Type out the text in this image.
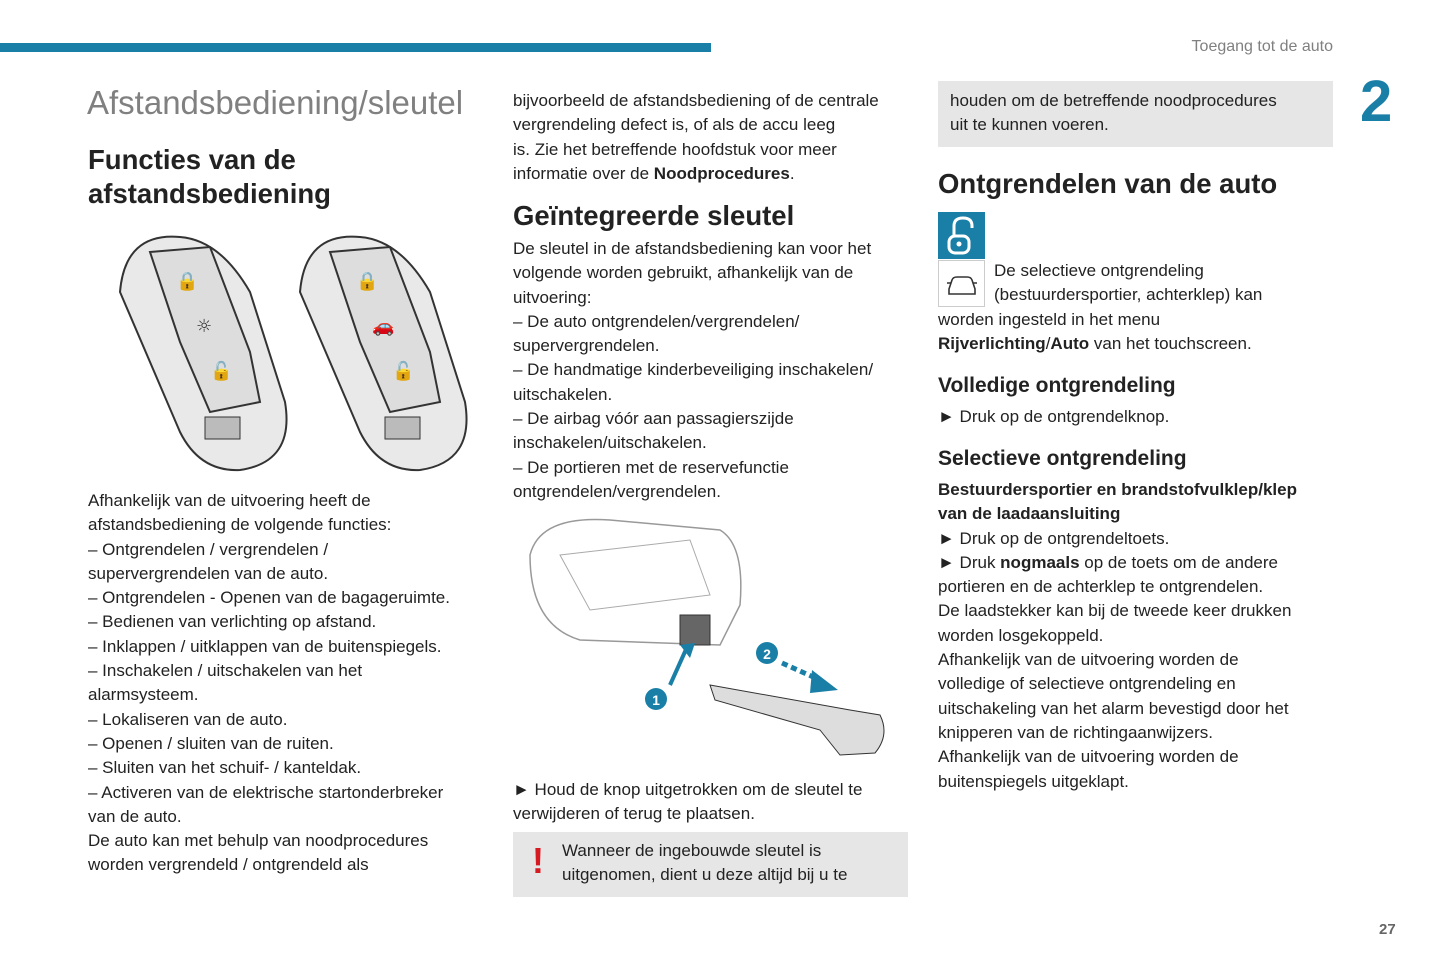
Toegang tot de auto
2
27
Afstandsbediening/sleutel
Functies van de
afstandsbediening
🔒
☼
🔓
🔒
🚗
🔓
Afhankelijk van de uitvoering heeft de
afstandsbediening de volgende functies:
– Ontgrendelen / vergrendelen /
supervergrendelen van de auto.
– Ontgrendelen - Openen van de bagageruimte.
– Bedienen van verlichting op afstand.
– Inklappen / uitklappen van de buitenspiegels.
– Inschakelen / uitschakelen van het
alarmsysteem.
– Lokaliseren van de auto.
– Openen / sluiten van de ruiten.
– Sluiten van het schuif- / kanteldak.
– Activeren van de elektrische startonderbreker
van de auto.
De auto kan met behulp van noodprocedures
worden vergrendeld / ontgrendeld als
bijvoorbeeld de afstandsbediening of de centrale
vergrendeling defect is, of als de accu leeg
is. Zie het betreffende hoofdstuk voor meer
informatie over de Noodprocedures.
Geïntegreerde sleutel
De sleutel in de afstandsbediening kan voor het
volgende worden gebruikt, afhankelijk van de
uitvoering:
– De auto ontgrendelen/vergrendelen/
supervergrendelen.
– De handmatige kinderbeveiliging inschakelen/
uitschakelen.
– De airbag vóór aan passagierszijde
inschakelen/uitschakelen.
– De portieren met de reservefunctie
ontgrendelen/vergrendelen.
1
2
► Houd de knop uitgetrokken om de sleutel te
verwijderen of terug te plaatsen.
! Wanneer de ingebouwde sleutel is
uitgenomen, dient u deze altijd bij u te
houden om de betreffende noodprocedures
uit te kunnen voeren.
Ontgrendelen van de auto
De selectieve ontgrendeling
(bestuurdersportier, achterklep) kan
worden ingesteld in het menu
Rijverlichting/Auto van het touchscreen.
Volledige ontgrendeling
► Druk op de ontgrendelknop.
Selectieve ontgrendeling
Bestuurdersportier en brandstofvulklep/klep
van de laadaansluiting
► Druk op de ontgrendeltoets.
► Druk nogmaals op de toets om de andere
portieren en de achterklep te ontgrendelen.
De laadstekker kan bij de tweede keer drukken
worden losgekoppeld.
Afhankelijk van de uitvoering worden de
volledige of selectieve ontgrendeling en
uitschakeling van het alarm bevestigd door het
knipperen van de richtingaanwijzers.
Afhankelijk van de uitvoering worden de
buitenspiegels uitgeklapt.
